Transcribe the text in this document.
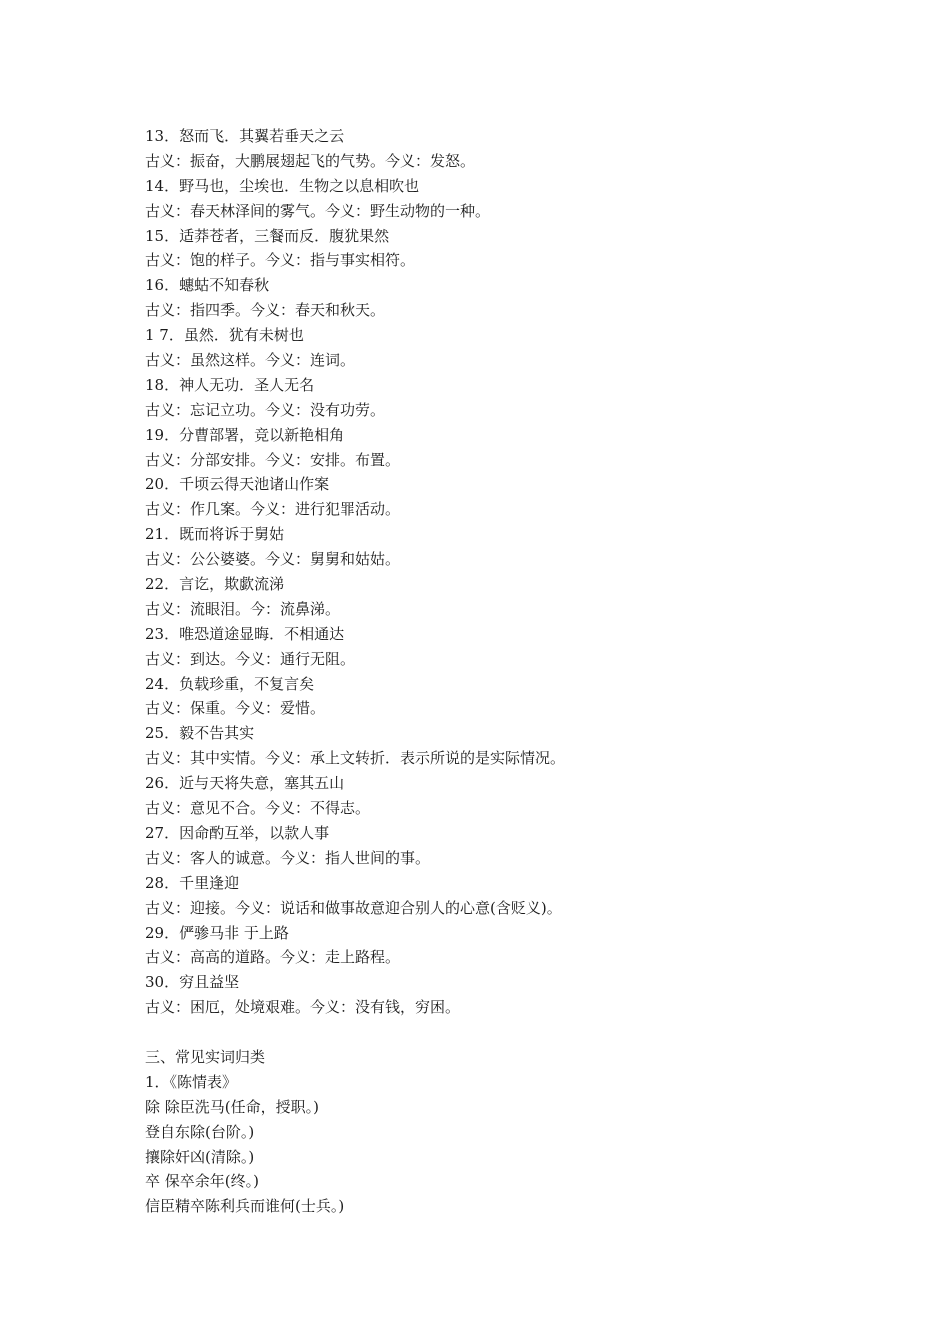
13．怒而飞．其翼若垂天之云
古义：振奋，大鹏展翅起飞的气势。今义：发怒。
14．野马也，尘埃也．生物之以息相吹也
古义：春天林泽间的雾气。今义：野生动物的一种。
15．适莽苍者，三餐而反．腹犹果然
古义：饱的样子。今义：指与事实相符。
16．蟪蛄不知春秋
古义：指四季。今义：春天和秋天。
1 7．虽然．犹有未树也
古义：虽然这样。今义：连词。
18．神人无功．圣人无名
古义：忘记立功。今义：没有功劳。
19．分曹部署，竞以新艳相角
古义：分部安排。今义：安排。布置。
20．千顷云得天池诸山作案
古义：作几案。今义：进行犯罪活动。
21．既而将诉于舅姑
古义：公公婆婆。今义：舅舅和姑姑。
22．言讫，欺歔流涕
古义：流眼泪。今：流鼻涕。
23．唯恐道途显晦．不相通达
古义：到达。今义：通行无阻。
24．负载珍重，不复言矣
古义：保重。今义：爱惜。
25．毅不告其实
古义：其中实情。今义：承上文转折．表示所说的是实际情况。
26．近与天将失意，塞其五山
古义：意见不合。今义：不得志。
27．因命酌互举，以款人事
古义：客人的诚意。今义：指人世间的事。
28．千里逢迎
古义：迎接。今义：说话和做事故意迎合别人的心意(含贬义)。
29．俨骖马非 于上路
古义：高高的道路。今义：走上路程。
30．穷且益坚
古义：困厄，处境艰难。今义：没有钱，穷困。
三、常见实词归类
1．《陈情表》
除 除臣洗马(任命，授职。)
登自东除(台阶。)
攘除奸凶(清除。)
卒 保卒余年(终。)
信臣精卒陈利兵而谁何(士兵。)
